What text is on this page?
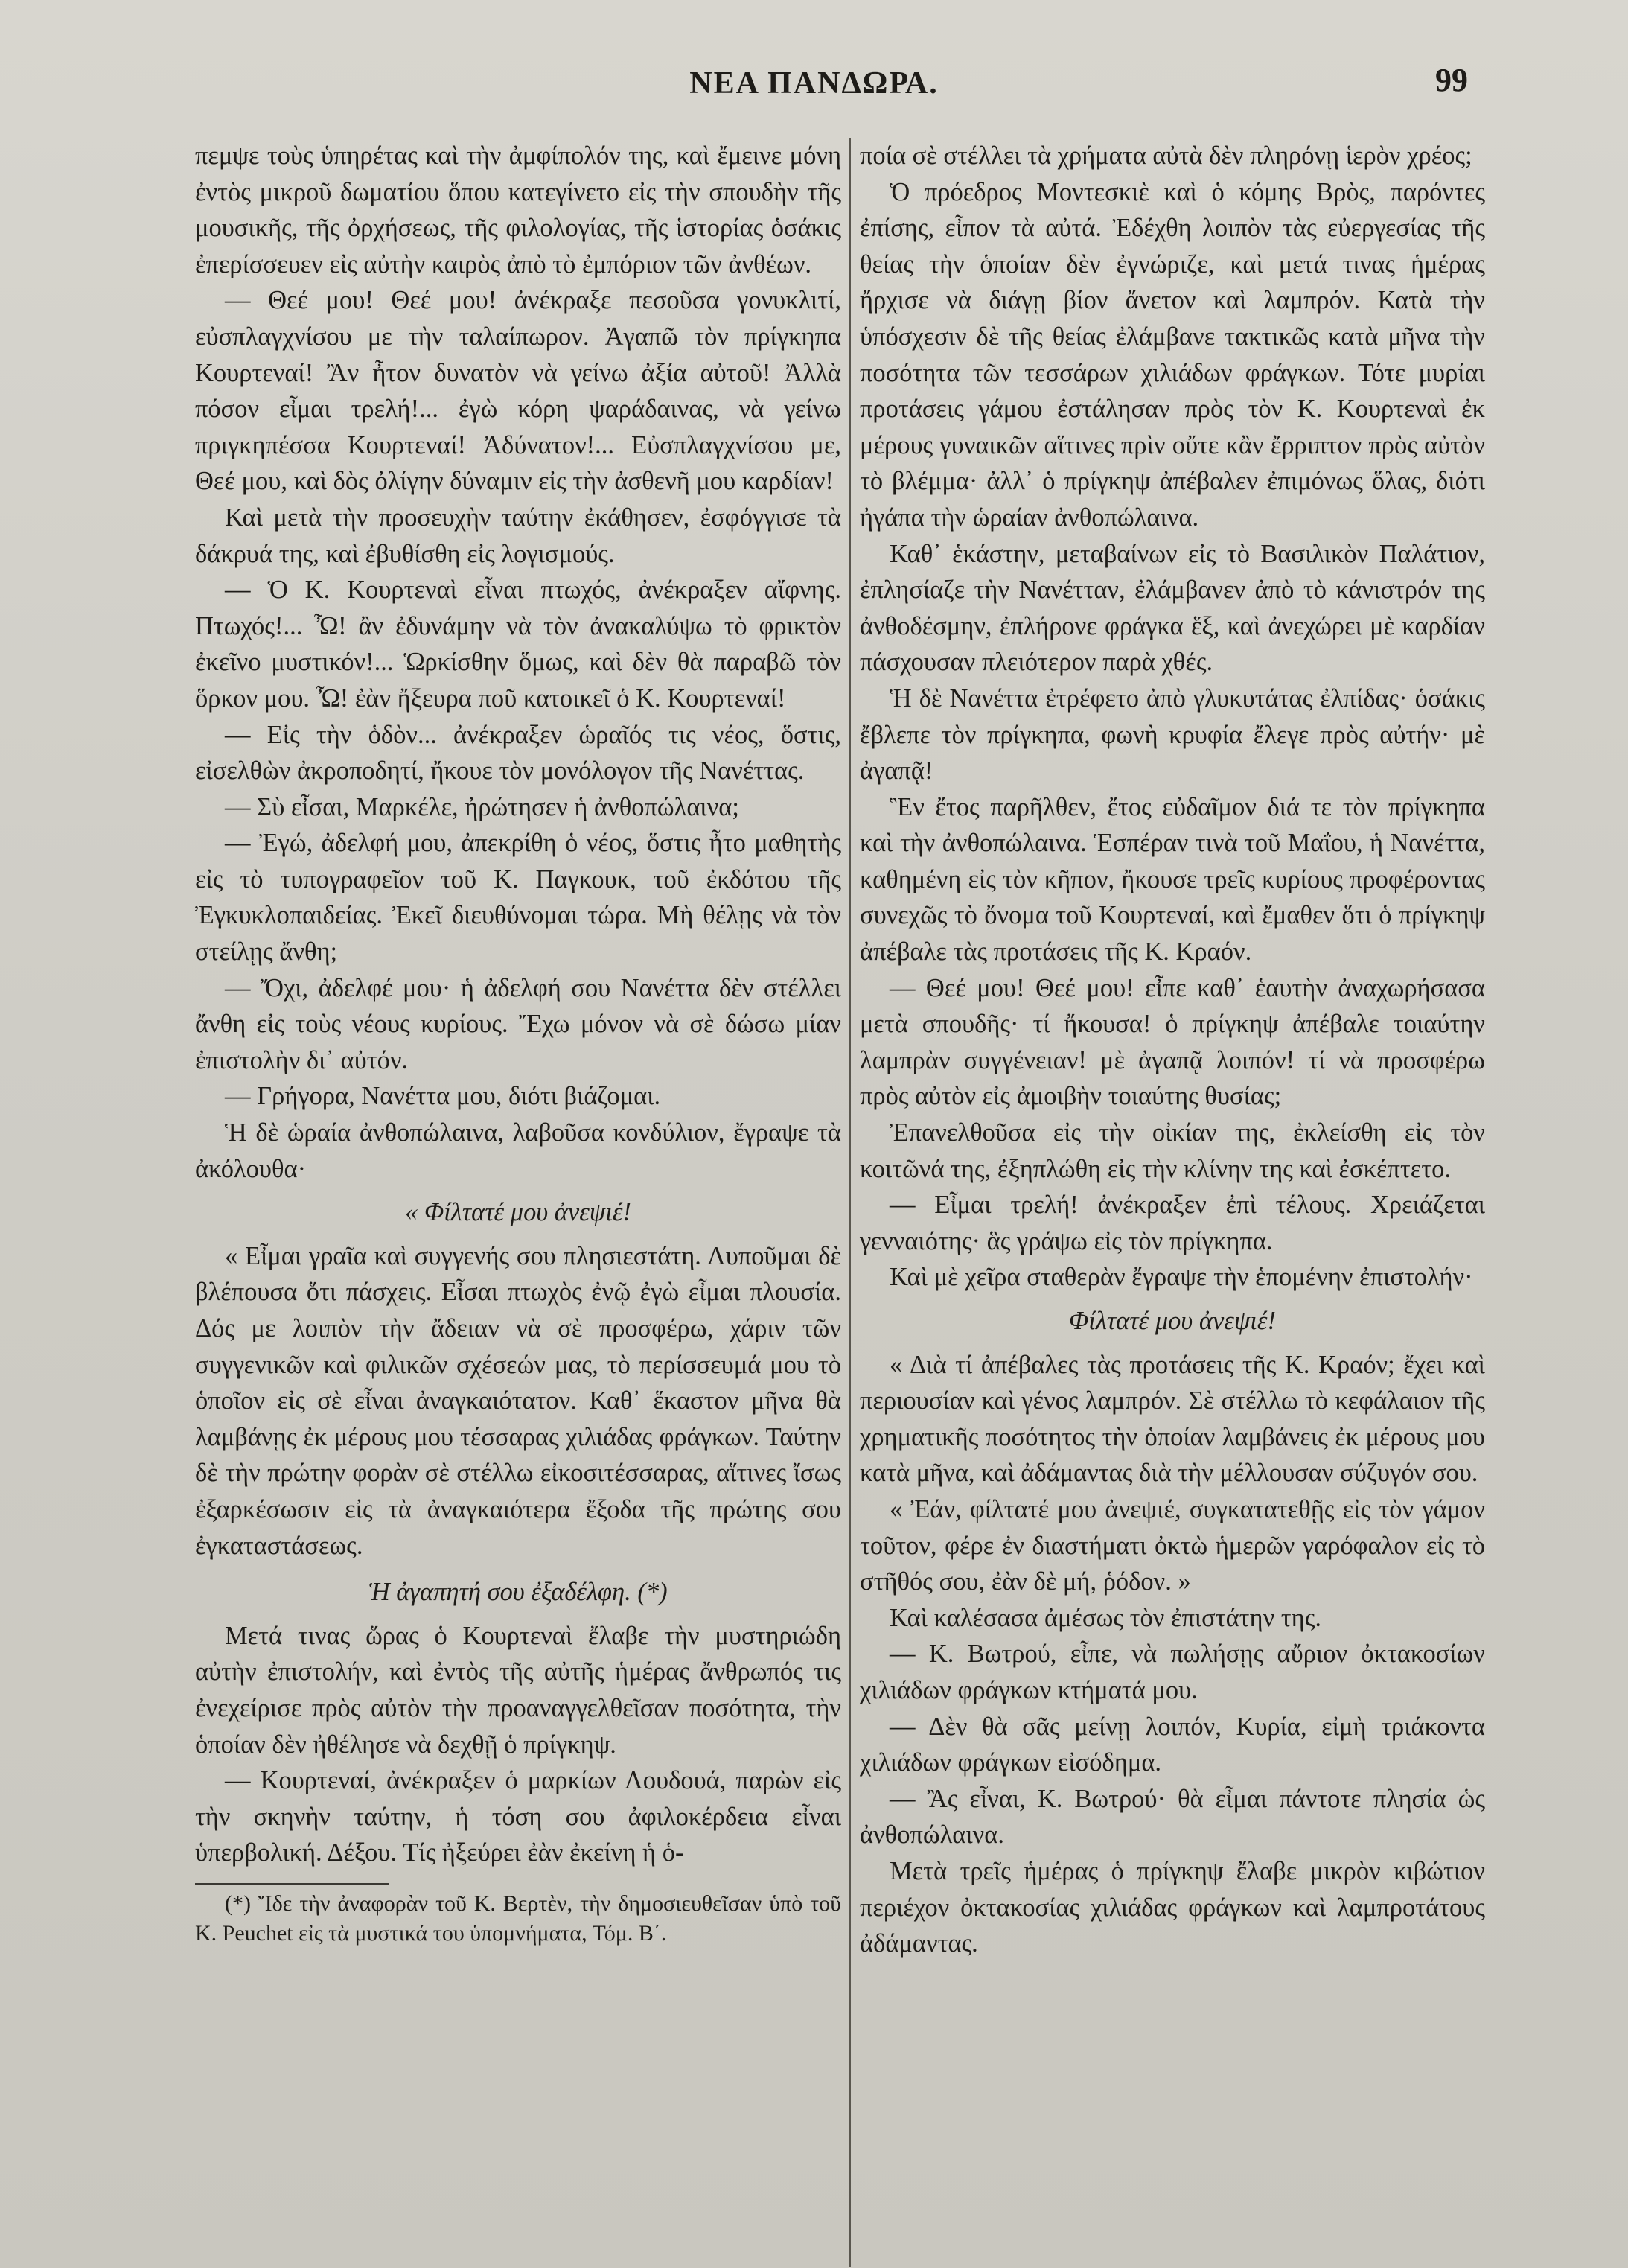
ΝΕΑ ΠΑΝΔΩΡΑ.	99

πεμψε τοὺς ὑπηρέτας καὶ τὴν ἀμφίπολόν της, καὶ ἔμεινε μόνη ἐντὸς μικροῦ δωματίου ὅπου κατεγίνετο εἰς τὴν σπουδὴν τῆς μουσικῆς, τῆς ὀρχήσεως, τῆς φιλολογίας, τῆς ἱστορίας ὁσάκις ἐπερίσσευεν εἰς αὐτὴν καιρὸς ἀπὸ τὸ ἐμπόριον τῶν ἀνθέων.

— Θεέ μου! Θεέ μου! ἀνέκραξε πεσοῦσα γονυκλιτί, εὐσπλαγχνίσου με τὴν ταλαίπωρον. Ἀγαπῶ τὸν πρίγκηπα Κουρτεναί! Ἂν ἦτον δυνατὸν νὰ γείνω ἀξία αὐτοῦ! Ἀλλὰ πόσον εἶμαι τρελή!... ἐγὼ κόρη ψαράδαινας, νὰ γείνω πριγκηπέσσα Κουρτεναί! Ἀδύνατον!... Εὐσπλαγχνίσου με, Θεέ μου, καὶ δὸς ὀλίγην δύναμιν εἰς τὴν ἀσθενῆ μου καρδίαν!

Καὶ μετὰ τὴν προσευχὴν ταύτην ἐκάθησεν, ἐσφόγγισε τὰ δάκρυά της, καὶ ἐβυθίσθη εἰς λογισμούς.

— Ὁ Κ. Κουρτεναὶ εἶναι πτωχός, ἀνέκραξεν αἴφνης. Πτωχός!... Ὦ! ἂν ἐδυνάμην νὰ τὸν ἀνακαλύψω τὸ φρικτὸν ἐκεῖνο μυστικόν!... Ὡρκίσθην ὅμως, καὶ δὲν θὰ παραβῶ τὸν ὅρκον μου. Ὦ! ἐὰν ἤξευρα ποῦ κατοικεῖ ὁ Κ. Κουρτεναί!

— Εἰς τὴν ὁδὸν... ἀνέκραξεν ὡραῖός τις νέος, ὅστις, εἰσελθὼν ἀκροποδητί, ἤκουε τὸν μονόλογον τῆς Νανέττας.

— Σὺ εἶσαι, Μαρκέλε, ἠρώτησεν ἡ ἀνθοπώλαινα;

— Ἐγώ, ἀδελφή μου, ἀπεκρίθη ὁ νέος, ὅστις ἦτο μαθητὴς εἰς τὸ τυπογραφεῖον τοῦ Κ. Παγκουκ, τοῦ ἐκδότου τῆς Ἐγκυκλοπαιδείας. Ἐκεῖ διευθύνομαι τώρα. Μὴ θέλῃς νὰ τὸν στείλῃς ἄνθη;

— Ὄχι, ἀδελφέ μου· ἡ ἀδελφή σου Νανέττα δὲν στέλλει ἄνθη εἰς τοὺς νέους κυρίους. Ἔχω μόνον νὰ σὲ δώσω μίαν ἐπιστολὴν δι᾽ αὐτόν.

— Γρήγορα, Νανέττα μου, διότι βιάζομαι.

Ἡ δὲ ὡραία ἀνθοπώλαινα, λαβοῦσα κονδύλιον, ἔγραψε τὰ ἀκόλουθα·

« Φίλτατέ μου ἀνεψιέ!

« Εἶμαι γραῖα καὶ συγγενής σου πλησιεστάτη. Λυποῦμαι δὲ βλέπουσα ὅτι πάσχεις. Εἶσαι πτωχὸς ἐνῷ ἐγὼ εἶμαι πλουσία. Δός με λοιπὸν τὴν ἄδειαν νὰ σὲ προσφέρω, χάριν τῶν συγγενικῶν καὶ φιλικῶν σχέσεών μας, τὸ περίσσευμά μου τὸ ὁποῖον εἰς σὲ εἶναι ἀναγκαιότατον. Καθ᾽ ἕκαστον μῆνα θὰ λαμβάνῃς ἐκ μέρους μου τέσσαρας χιλιάδας φράγκων. Ταύτην δὲ τὴν πρώτην φορὰν σὲ στέλλω εἰκοσιτέσσαρας, αἵτινες ἴσως ἐξαρκέσωσιν εἰς τὰ ἀναγκαιότερα ἔξοδα τῆς πρώτης σου ἐγκαταστάσεως.

Ἡ ἀγαπητή σου ἐξαδέλφη. (*)

Μετά τινας ὥρας ὁ Κουρτεναὶ ἔλαβε τὴν μυστηριώδη αὐτὴν ἐπιστολήν, καὶ ἐντὸς τῆς αὐτῆς ἡμέρας ἄνθρωπός τις ἐνεχείρισε πρὸς αὐτὸν τὴν προαναγγελθεῖσαν ποσότητα, τὴν ὁποίαν δὲν ἠθέλησε νὰ δεχθῇ ὁ πρίγκηψ.

— Κουρτεναί, ἀνέκραξεν ὁ μαρκίων Λουδουά, παρὼν εἰς τὴν σκηνὴν ταύτην, ἡ τόση σου ἀφιλοκέρδεια εἶναι ὑπερβολική. Δέξου. Τίς ἠξεύρει ἐὰν ἐκείνη ἡ ὁ-

(*) Ἴδε τὴν ἀναφορὰν τοῦ Κ. Βερτὲν, τὴν δημοσιευθεῖσαν ὑπὸ τοῦ Κ. Peuchet εἰς τὰ μυστικά του ὑπομνήματα, Τόμ. Β΄.

ποία σὲ στέλλει τὰ χρήματα αὐτὰ δὲν πληρόνῃ ἱερὸν χρέος;

Ὁ πρόεδρος Μοντεσκιὲ καὶ ὁ κόμης Βρὸς, παρόντες ἐπίσης, εἶπον τὰ αὐτά. Ἐδέχθη λοιπὸν τὰς εὐεργεσίας τῆς θείας τὴν ὁποίαν δὲν ἐγνώριζε, καὶ μετά τινας ἡμέρας ἤρχισε νὰ διάγῃ βίον ἄνετον καὶ λαμπρόν. Κατὰ τὴν ὑπόσχεσιν δὲ τῆς θείας ἐλάμβανε τακτικῶς κατὰ μῆνα τὴν ποσότητα τῶν τεσσάρων χιλιάδων φράγκων. Τότε μυρίαι προτάσεις γάμου ἐστάλησαν πρὸς τὸν Κ. Κουρτεναὶ ἐκ μέρους γυναικῶν αἵτινες πρὶν οὔτε κἂν ἔρριπτον πρὸς αὐτὸν τὸ βλέμμα· ἀλλ᾽ ὁ πρίγκηψ ἀπέβαλεν ἐπιμόνως ὅλας, διότι ἠγάπα τὴν ὡραίαν ἀνθοπώλαινα.

Καθ᾽ ἑκάστην, μεταβαίνων εἰς τὸ Βασιλικὸν Παλάτιον, ἐπλησίαζε τὴν Νανέτταν, ἐλάμβανεν ἀπὸ τὸ κάνιστρόν της ἀνθοδέσμην, ἐπλήρονε φράγκα ἕξ, καὶ ἀνεχώρει μὲ καρδίαν πάσχουσαν πλειότερον παρὰ χθές.

Ἡ δὲ Νανέττα ἐτρέφετο ἀπὸ γλυκυτάτας ἐλπίδας· ὁσάκις ἔβλεπε τὸν πρίγκηπα, φωνὴ κρυφία ἔλεγε πρὸς αὐτήν· μὲ ἀγαπᾷ!

Ἓν ἔτος παρῆλθεν, ἔτος εὐδαῖμον διά τε τὸν πρίγκηπα καὶ τὴν ἀνθοπώλαινα. Ἑσπέραν τινὰ τοῦ Μαΐου, ἡ Νανέττα, καθημένη εἰς τὸν κῆπον, ἤκουσε τρεῖς κυρίους προφέροντας συνεχῶς τὸ ὄνομα τοῦ Κουρτεναί, καὶ ἔμαθεν ὅτι ὁ πρίγκηψ ἀπέβαλε τὰς προτάσεις τῆς Κ. Κραόν.

— Θεέ μου! Θεέ μου! εἶπε καθ᾽ ἑαυτὴν ἀναχωρήσασα μετὰ σπουδῆς· τί ἤκουσα! ὁ πρίγκηψ ἀπέβαλε τοιαύτην λαμπρὰν συγγένειαν! μὲ ἀγαπᾷ λοιπόν! τί νὰ προσφέρω πρὸς αὐτὸν εἰς ἀμοιβὴν τοιαύτης θυσίας;

Ἐπανελθοῦσα εἰς τὴν οἰκίαν της, ἐκλείσθη εἰς τὸν κοιτῶνά της, ἐξηπλώθη εἰς τὴν κλίνην της καὶ ἐσκέπτετο.

— Εἶμαι τρελή! ἀνέκραξεν ἐπὶ τέλους. Χρειάζεται γενναιότης· ἃς γράψω εἰς τὸν πρίγκηπα.

Καὶ μὲ χεῖρα σταθερὰν ἔγραψε τὴν ἑπομένην ἐπιστολήν·

Φίλτατέ μου ἀνεψιέ!

« Διὰ τί ἀπέβαλες τὰς προτάσεις τῆς Κ. Κραόν; ἔχει καὶ περιουσίαν καὶ γένος λαμπρόν. Σὲ στέλλω τὸ κεφάλαιον τῆς χρηματικῆς ποσότητος τὴν ὁποίαν λαμβάνεις ἐκ μέρους μου κατὰ μῆνα, καὶ ἀδάμαντας διὰ τὴν μέλλουσαν σύζυγόν σου.

« Ἐάν, φίλτατέ μου ἀνεψιέ, συγκατατεθῇς εἰς τὸν γάμον τοῦτον, φέρε ἐν διαστήματι ὀκτὼ ἡμερῶν γαρόφαλον εἰς τὸ στῆθός σου, ἐὰν δὲ μή, ῥόδον. »

Καὶ καλέσασα ἀμέσως τὸν ἐπιστάτην της.

— Κ. Βωτρού, εἶπε, νὰ πωλήσῃς αὔριον ὀκτακοσίων χιλιάδων φράγκων κτήματά μου.

— Δὲν θὰ σᾶς μείνῃ λοιπόν, Κυρία, εἰμὴ τριάκοντα χιλιάδων φράγκων εἰσόδημα.

— Ἂς εἶναι, Κ. Βωτρού· θὰ εἶμαι πάντοτε πλησία ὡς ἀνθοπώλαινα.

Μετὰ τρεῖς ἡμέρας ὁ πρίγκηψ ἔλαβε μικρὸν κιβώτιον περιέχον ὀκτακοσίας χιλιάδας φράγκων καὶ λαμπροτάτους ἀδάμαντας.
